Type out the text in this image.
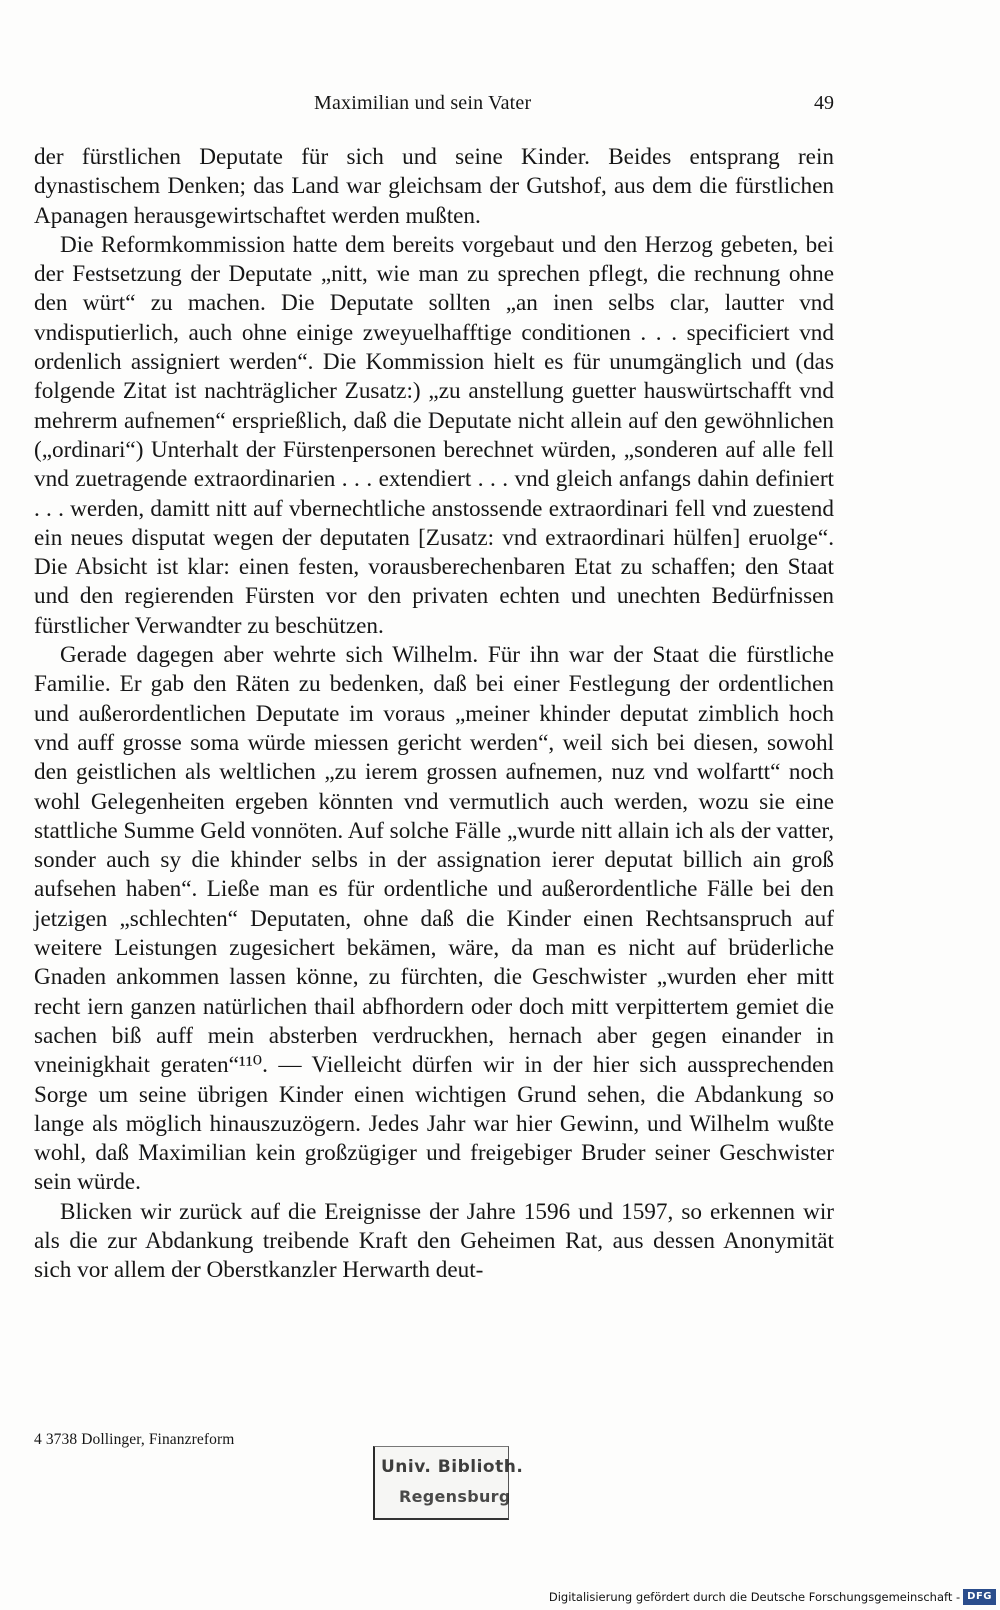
Maximilian und sein Vater	49

der fürstlichen Deputate für sich und seine Kinder. Beides entsprang rein dynastischem Denken; das Land war gleichsam der Gutshof, aus dem die fürstlichen Apanagen herausgewirtschaftet werden mußten.

Die Reformkommission hatte dem bereits vorgebaut und den Herzog gebeten, bei der Festsetzung der Deputate „nitt, wie man zu sprechen pflegt, die rechnung ohne den würt“ zu machen. Die Deputate sollten „an inen selbs clar, lautter vnd vndisputierlich, auch ohne einige zweyuelhafftige conditionen . . . specificiert vnd ordenlich assigniert werden“. Die Kommission hielt es für unumgänglich und (das folgende Zitat ist nachträglicher Zusatz:) „zu anstellung guetter hauswürtschafft vnd mehrerm aufnemen“ ersprießlich, daß die Deputate nicht allein auf den gewöhnlichen („ordinari“) Unterhalt der Fürstenpersonen berechnet würden, „sonderen auf alle fell vnd zuetragende extraordinarien . . . extendiert . . . vnd gleich anfangs dahin definiert . . . werden, damitt nitt auf vbernechtliche anstossende extraordinari fell vnd zuestend ein neues disputat wegen der deputaten [Zusatz: vnd extraordinari hülfen] eruolge“. Die Absicht ist klar: einen festen, vorausberechenbaren Etat zu schaffen; den Staat und den regierenden Fürsten vor den privaten echten und unechten Bedürfnissen fürstlicher Verwandter zu beschützen.

Gerade dagegen aber wehrte sich Wilhelm. Für ihn war der Staat die fürstliche Familie. Er gab den Räten zu bedenken, daß bei einer Festlegung der ordentlichen und außerordentlichen Deputate im voraus „meiner khinder deputat zimblich hoch vnd auff grosse soma würde miessen gericht werden“, weil sich bei diesen, sowohl den geistlichen als weltlichen „zu ierem grossen aufnemen, nuz vnd wolfartt“ noch wohl Gelegenheiten ergeben könnten vnd vermutlich auch werden, wozu sie eine stattliche Summe Geld vonnöten. Auf solche Fälle „wurde nitt allain ich als der vatter, sonder auch sy die khinder selbs in der assignation ierer deputat billich ain groß aufsehen haben“. Ließe man es für ordentliche und außerordentliche Fälle bei den jetzigen „schlechten“ Deputaten, ohne daß die Kinder einen Rechtsanspruch auf weitere Leistungen zugesichert bekämen, wäre, da man es nicht auf brüderliche Gnaden ankommen lassen könne, zu fürchten, die Geschwister „wurden eher mitt recht iern ganzen natürlichen thail abfhordern oder doch mitt verpittertem gemiet die sachen biß auff mein absterben verdruckhen, hernach aber gegen einander in vneinigkhait geraten“¹¹⁰. — Vielleicht dürfen wir in der hier sich aussprechenden Sorge um seine übrigen Kinder einen wichtigen Grund sehen, die Abdankung so lange als möglich hinauszuzögern. Jedes Jahr war hier Gewinn, und Wilhelm wußte wohl, daß Maximilian kein großzügiger und freigebiger Bruder seiner Geschwister sein würde.

Blicken wir zurück auf die Ereignisse der Jahre 1596 und 1597, so erkennen wir als die zur Abdankung treibende Kraft den Geheimen Rat, aus dessen Anonymität sich vor allem der Oberstkanzler Herwarth deut-

4 3738 Dollinger, Finanzreform
Univ. Biblioth.
Regensburg
Digitalisierung gefördert durch die Deutsche Forschungsgemeinschaft - DFG
